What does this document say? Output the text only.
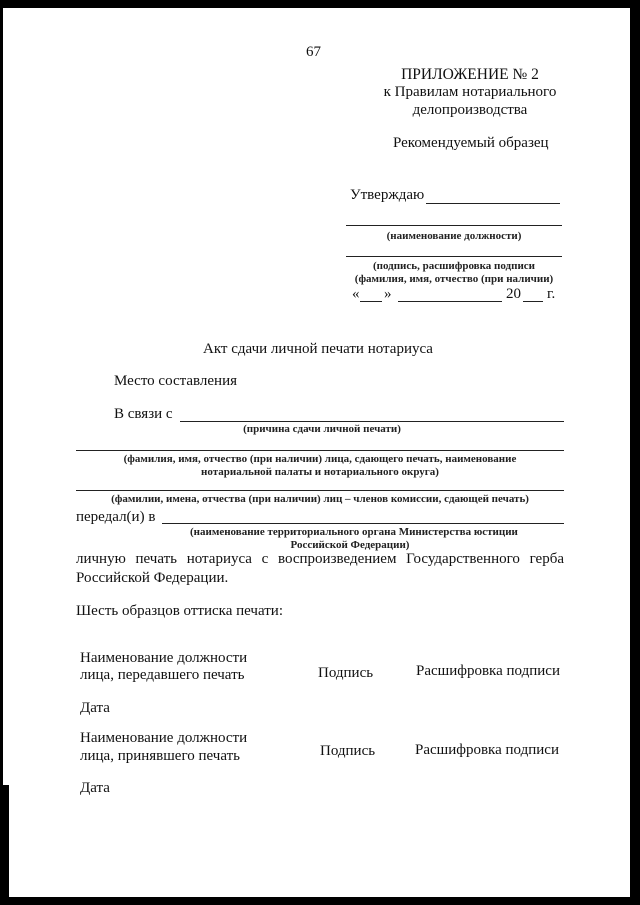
67
ПРИЛОЖЕНИЕ № 2
к Правилам нотариального
делопроизводства
Рекомендуемый образец
Утверждаю
(наименование должности)
(подпись, расшифровка подписи
(фамилия, имя, отчество (при наличии)
« »	20 г.
Акт сдачи личной печати нотариуса
Место составления
В связи с
(причина сдачи личной печати)
(фамилия, имя, отчество (при наличии) лица, сдающего печать, наименование
нотариальной палаты и нотариального округа)
(фамилии, имена, отчества (при наличии) лиц – членов комиссии, сдающей печать)
передал(и) в
(наименование территориального органа Министерства юстиции
Российской Федерации)
личную печать нотариуса с воспроизведением Государственного герба
Российской Федерации.
Шесть образцов оттиска печати:
Наименование должности
лица, передавшего печать	Подпись	Расшифровка подписи
Дата
Наименование должности
лица, принявшего печать	Подпись	Расшифровка подписи
Дата
